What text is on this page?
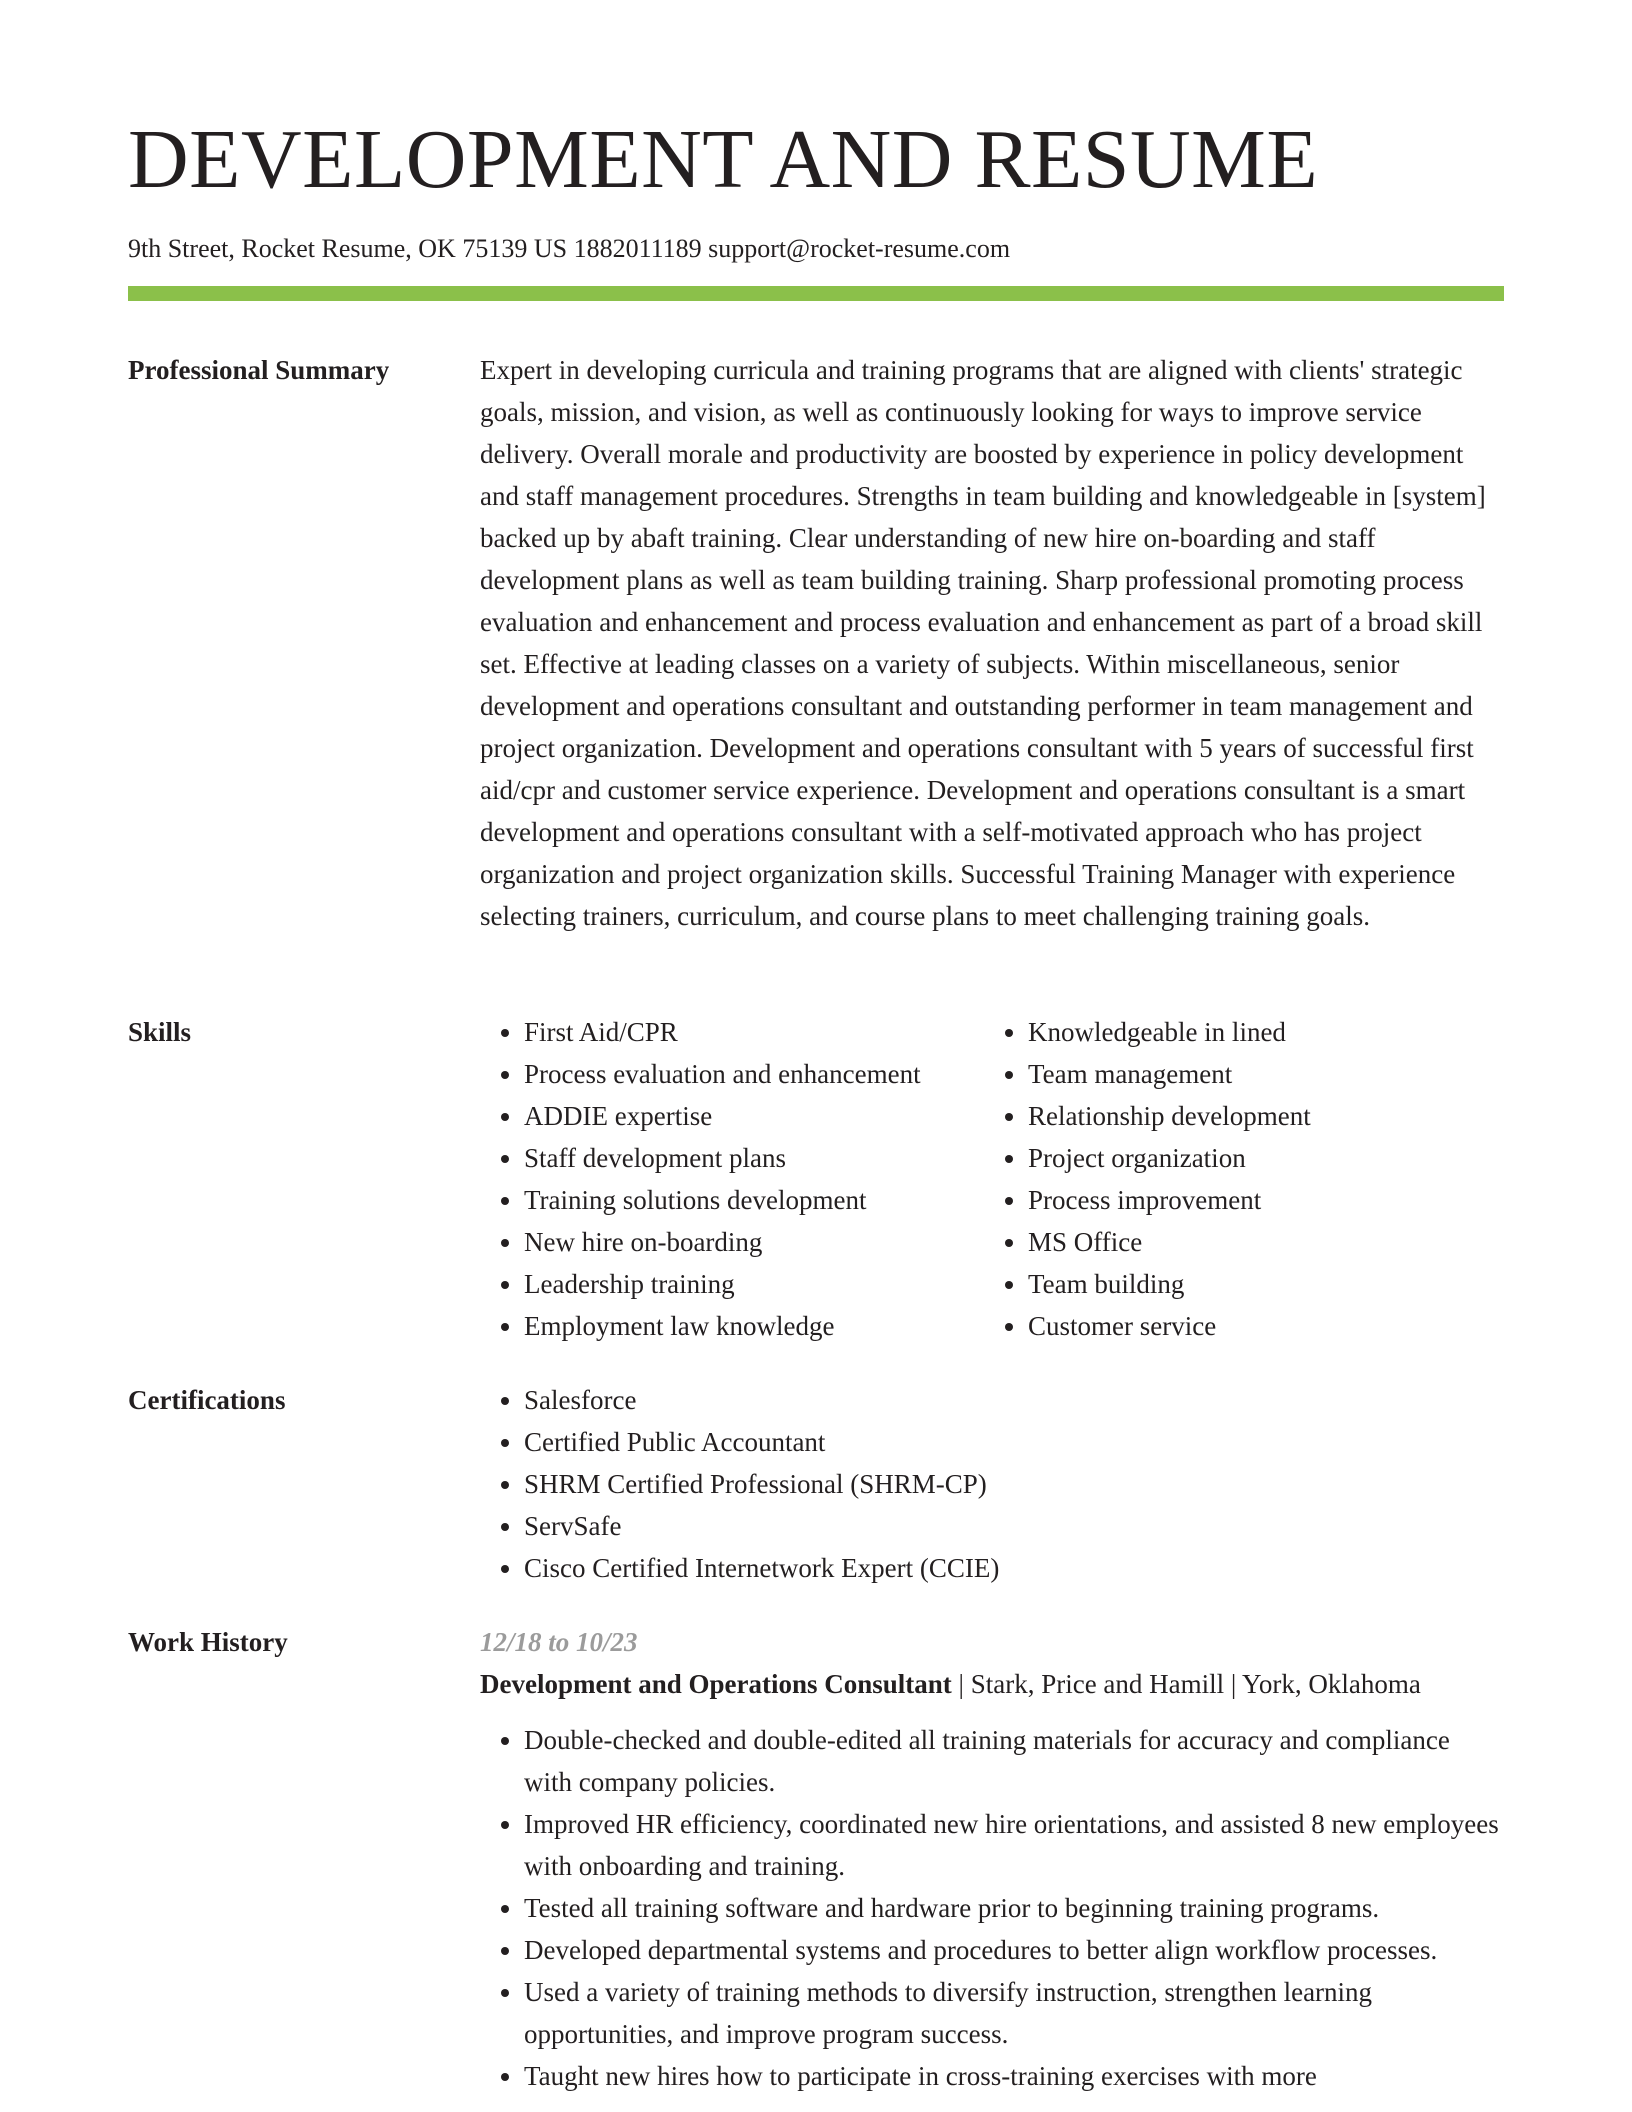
DEVELOPMENT AND RESUME
9th Street, Rocket Resume, OK 75139 US 1882011189 support@rocket-resume.com
Professional Summary	Expert in developing curricula and training programs that are aligned with clients' strategic goals, mission, and vision, as well as continuously looking for ways to improve service delivery. Overall morale and productivity are boosted by experience in policy development and staff management procedures. Strengths in team building and knowledgeable in [system] backed up by abaft training. Clear understanding of new hire on-boarding and staff development plans as well as team building training. Sharp professional promoting process evaluation and enhancement and process evaluation and enhancement as part of a broad skill set. Effective at leading classes on a variety of subjects. Within miscellaneous, senior development and operations consultant and outstanding performer in team management and project organization. Development and operations consultant with 5 years of successful first aid/cpr and customer service experience. Development and operations consultant is a smart development and operations consultant with a self-motivated approach who has project organization and project organization skills. Successful Training Manager with experience selecting trainers, curriculum, and course plans to meet challenging training goals.

Skills	• First Aid/CPR
• Process evaluation and enhancement
• ADDIE expertise
• Staff development plans
• Training solutions development
• New hire on-boarding
• Leadership training
• Employment law knowledge
• Knowledgeable in lined
• Team management
• Relationship development
• Project organization
• Process improvement
• MS Office
• Team building
• Customer service
Certifications	• Salesforce
• Certified Public Accountant
• SHRM Certified Professional (SHRM-CP)
• ServSafe
• Cisco Certified Internetwork Expert (CCIE)
Work History	12/18 to 10/23
Development and Operations Consultant | Stark, Price and Hamill | York, Oklahoma
• Double-checked and double-edited all training materials for accuracy and compliance with company policies.
• Improved HR efficiency, coordinated new hire orientations, and assisted 8 new employees with onboarding and training.
• Tested all training software and hardware prior to beginning training programs.
• Developed departmental systems and procedures to better align workflow processes.
• Used a variety of training methods to diversify instruction, strengthen learning opportunities, and improve program success.
• Taught new hires how to participate in cross-training exercises with more
